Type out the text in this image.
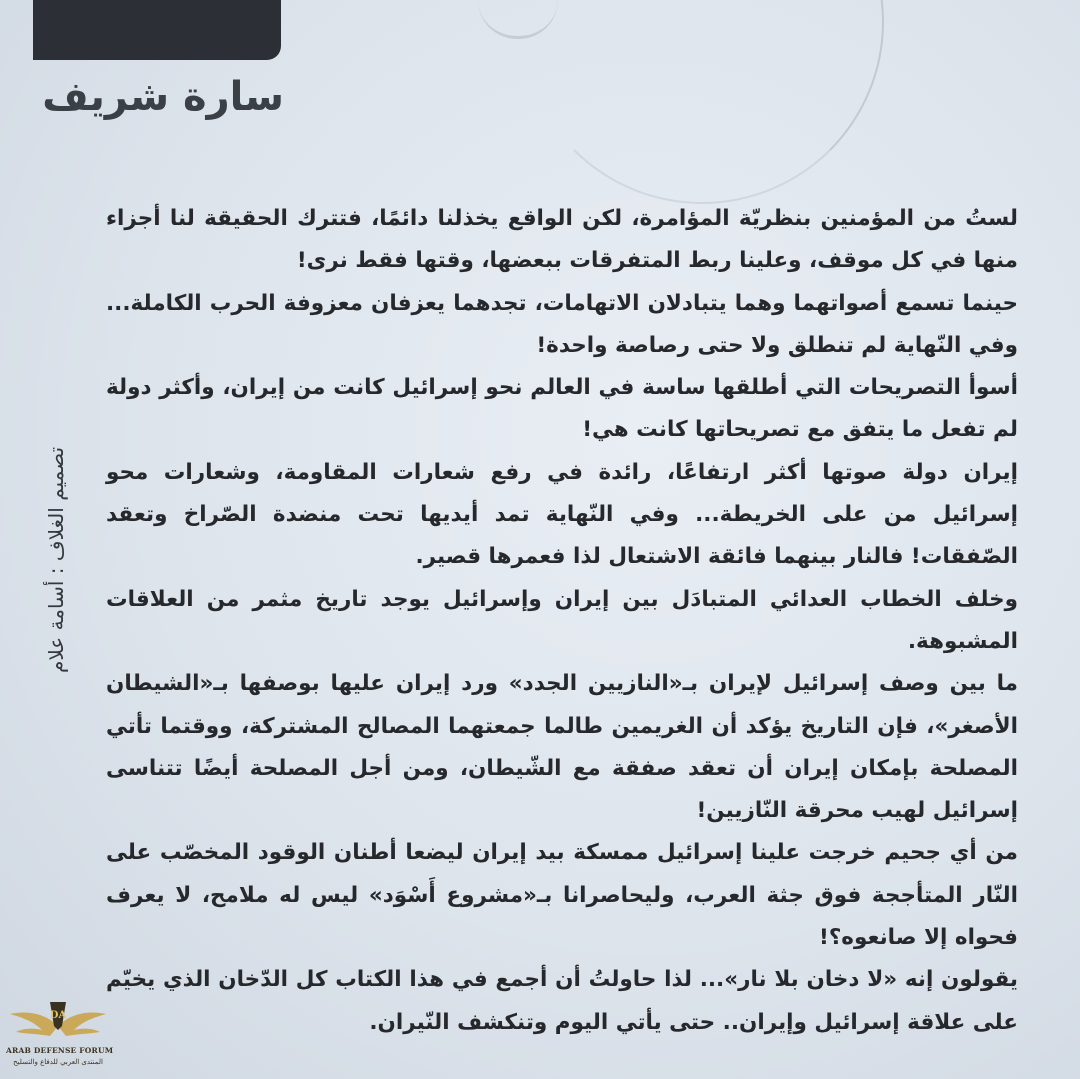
سارة شريف
تصميم الغلاف : أسامة علام

لستُ من المؤمنين بنظريّة المؤامرة، لكن الواقع يخذلنا دائمًا، فتترك الحقيقة لنا أجزاء منها في كل موقف، وعلينا ربط المتفرقات ببعضها، وقتها فقط نرى!

حينما تسمع أصواتهما وهما يتبادلان الاتهامات، تجدهما يعزفان معزوفة الحرب الكاملة... وفي النّهاية لم تنطلق ولا حتى رصاصة واحدة!

أسوأ التصريحات التي أطلقها ساسة في العالم نحو إسرائيل كانت من إيران، وأكثر دولة لم تفعل ما يتفق مع تصريحاتها كانت هي!

إيران دولة صوتها أكثر ارتفاعًا، رائدة في رفع شعارات المقاومة، وشعارات محو إسرائيل من على الخريطة... وفي النّهاية تمد أيديها تحت منضدة الصّراخ وتعقد الصّفقات! فالنار بينهما فائقة الاشتعال لذا فعمرها قصير.

وخلف الخطاب العدائي المتبادَل بين إيران وإسرائيل يوجد تاريخ مثمر من العلاقات المشبوهة.

ما بين وصف إسرائيل لإيران بـ«النازيين الجدد» ورد إيران عليها بوصفها بـ«الشيطان الأصغر»، فإن التاريخ يؤكد أن الغريمين طالما جمعتهما المصالح المشتركة، ووقتما تأتي المصلحة بإمكان إيران أن تعقد صفقة مع الشّيطان، ومن أجل المصلحة أيضًا تتناسى إسرائيل لهيب محرقة النّازيين!

من أي جحيم خرجت علينا إسرائيل ممسكة بيد إيران ليضعا أطنان الوقود المخصّب على النّار المتأججة فوق جثة العرب، وليحاصرانا بـ«مشروع أَسْوَد» ليس له ملامح، لا يعرف فحواه إلا صانعوه؟!

يقولون إنه «لا دخان بلا نار»... لذا حاولتُ أن أجمع في هذا الكتاب كل الدّخان الذي يخيّم على علاقة إسرائيل وإيران.. حتى يأتي اليوم وتنكشف النّيران.

DA
ARAB DEFENSE FORUM
المنتدى العربي للدفاع والتسليح
